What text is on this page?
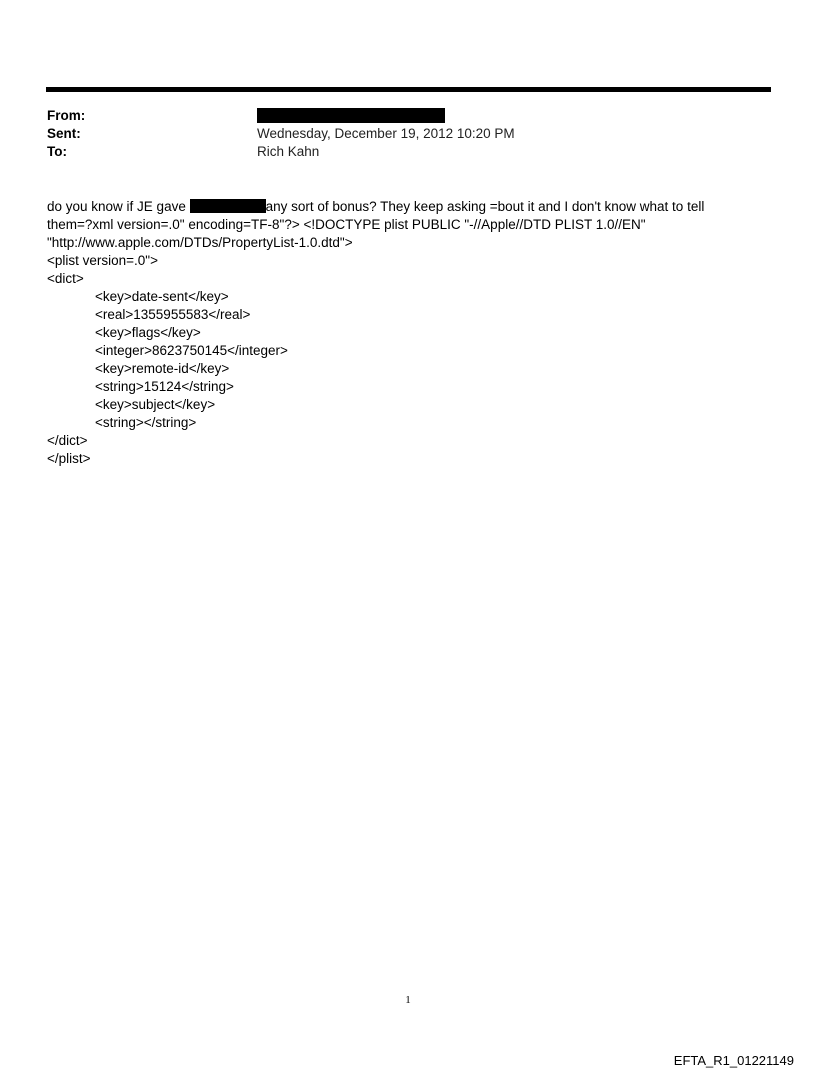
From:
Sent:	Wednesday, December 19, 2012 10:20 PM
To:	Rich Kahn
do you know if JE gave	any sort of bonus? They keep asking =bout it and I don't know what to tell
them=?xml version=.0" encoding=TF-8"?> <!DOCTYPE plist PUBLIC "-//Apple//DTD PLIST 1.0//EN"
"http://www.apple.com/DTDs/PropertyList-1.0.dtd">
<plist version=.0">
<dict>
<key>date-sent</key>
<real>1355955583</real>
<key>flags</key>
<integer>8623750145</integer>
<key>remote-id</key>
<string>15124</string>
<key>subject</key>
<string></string>
</dict>
</plist>
1
EFTA_R1_01221149
